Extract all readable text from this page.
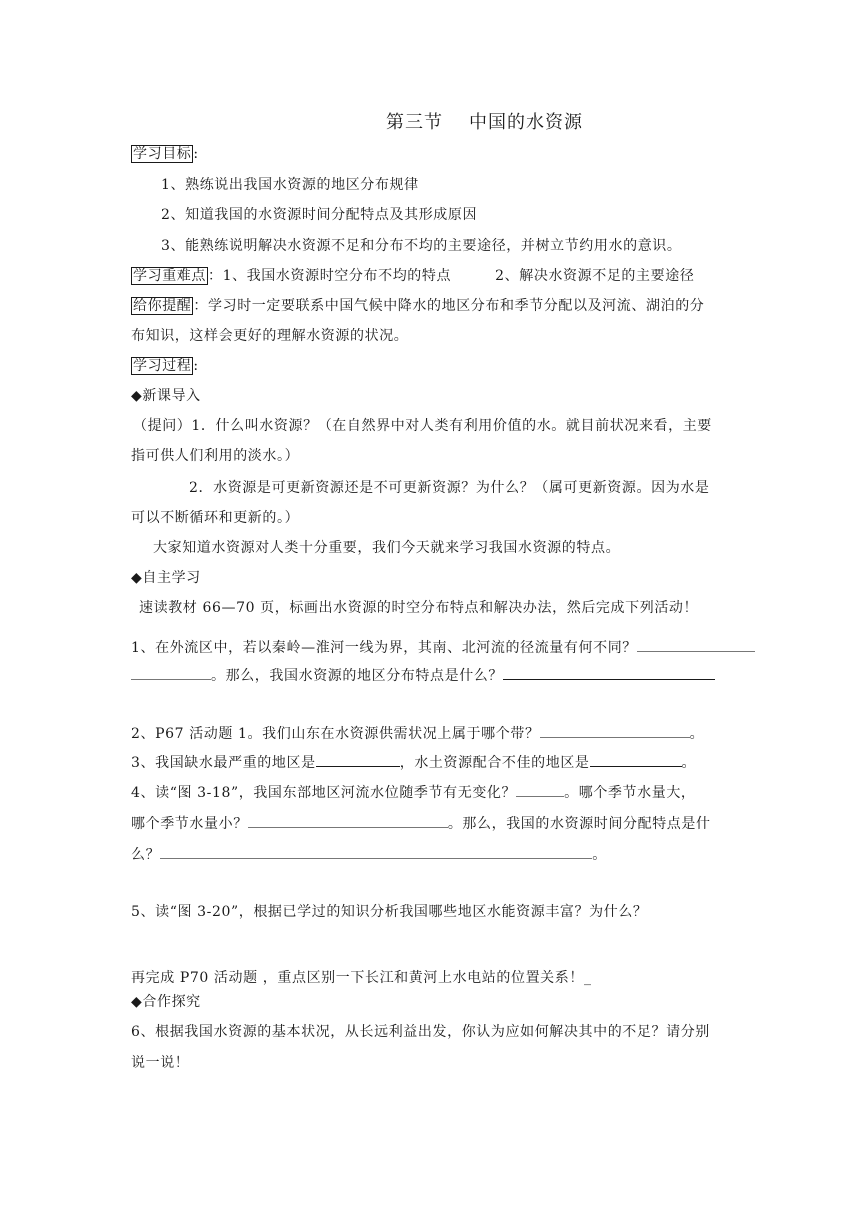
第三节 中国的水资源
学习目标 :
1、熟练说出我国水资源的地区分布规律
2、知道我国的水资源时间分配特点及其形成原因
3、能熟练说明解决水资源不足和分布不均的主要途径，并树立节约用水的意识。
学习重难点 ：1、我国水资源时空分布不均的特点	2、解决水资源不足的主要途径
给你提醒 ：学习时一定要联系中国气候中降水的地区分布和季节分配以及河流、湖泊的分
布知识，这样会更好的理解水资源的状况。
学习过程 :
◆新课导入
（提问）1．什么叫水资源？（在自然界中对人类有利用价值的水。就目前状况来看，主要
指可供人们利用的淡水。）
2．水资源是可更新资源还是不可更新资源？为什么？（属可更新资源。因为水是
可以不断循环和更新的。）
大家知道水资源对人类十分重要，我们今天就来学习我国水资源的特点。
◆自主学习
速读教材 66—70 页，标画出水资源的时空分布特点和解决办法，然后完成下列活动！
1、在外流区中，若以秦岭—淮河一线为界，其南、北河流的径流量有何不同？
。那么，我国水资源的地区分布特点是什么？
2、P67 活动题 1。我们山东在水资源供需状况上属于哪个带？	。
3、我国缺水最严重的地区是	，水土资源配合不佳的地区是	。
4、读“图 3-18”，我国东部地区河流水位随季节有无变化？	。哪个季节水量大，
哪个季节水量小？	。那么，我国的水资源时间分配特点是什
么？	。
5、读“图 3-20”，根据已学过的知识分析我国哪些地区水能资源丰富？为什么？
再完成 P70 活动题 ，重点区别一下长江和黄河上水电站的位置关系！_
◆合作探究
6、根据我国水资源的基本状况，从长远利益出发，你认为应如何解决其中的不足？请分别
说一说！
